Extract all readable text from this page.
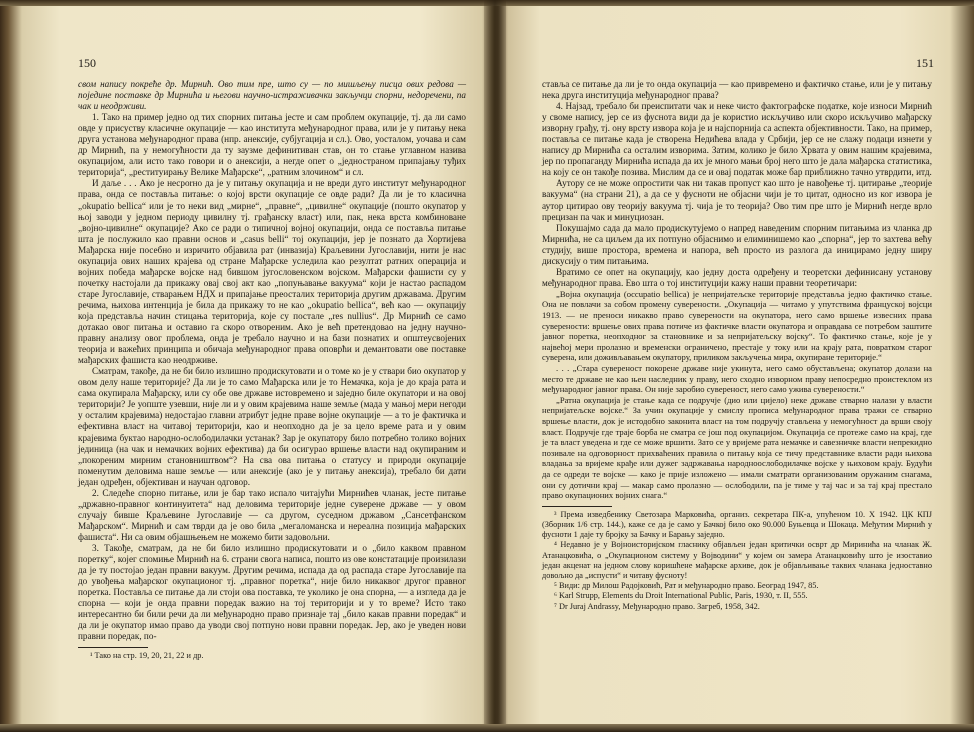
150

свом напису покреће др. Мирнић. Ово тим пре, што су — по мишљењу писца ових редова — појединe поставке др Мирнића и његови научно-истраживачки закључци спорни, недоречени, па чак и неодрживи.

1. Тако на пример једно од тих спорних питања јесте и сам проблем окупације, тј. да ли само овде у присуству класичне окупације — као института међународног права, или је у питању нека друга установа међународног права (нпр. анексије, субјугација и сл.). Ово, уосталом, уочава и сам др Мирнић, па у немогућности да ту заузме дефинитиван став, он то стање углавном назива окупацијом, али исто тако говори и о анексији, а негде опет о „једностраном припајању туђих територија“, „реституирању Велике Мађарске“, „ратним злочином“ и сл.

И даље . . . Ако је несporно да је у питању окупација и не вреди дуго институт међународног права, онда се поставља питање: о којој врсти окупације се овде ради? Да ли је то класична „okupatio bellica“ или је то неки вид „мирне“, „правне“, „цивилне“ окупације (пошто окупатор у њој заводи у једном периоду цивилну тј. грађанску власт) или, пак, нека врста комбиноване „војно-цивилне“ окупације? Ако се ради о типичној војној окупацији, онда се поставља питање шта је послужило као правни основ и „casus belli“ тој окупацији, јер је познато да Хортијева Мађарска није посебно и изричито објавила рат (инвазија) Краљевини Југославији, нити је нас окупација ових наших крајева од стране Мађарске уследила као резултат ратних операција и војних победа мађарске војске над бившом југословенском војском. Мађарски фашисти су у почетку настојали да прикажу овај свој акт као „попуњавање вакуума“ који је настао распадом старе Југославије, стварањем НДХ и припајање преосталих територија другим државама. Другим речима, њихова интенција је била да прикажу то не као „okupatio bellica“, већ као — окупацију која представља начин стицања територија, које су постале „res nullius“. Др Мирнић се само дотакао овог питања и оставио га скоро отвореним. Ако је већ претендовао на једну научно-правну анализу овог проблема, онда је требало научно и на бази познатих и општеусвојених теорија и важећих принципа и обичаја међународног права оповрћи и демантовати ове поставке мађарских фашиста као неодрживе.

Сматрам, такође, да не би било излишно продискутовати и о томе ко је у ствари био окупатор у овом делу наше територије? Да ли је то само Мађарска или је то Немачка, која је до краја рата и сама окупирала Мађарску, или су обе ове државе истовремено и заједно биле окупатори и на овој територији? Је уопште узевши, није ли и у овим крајевима наше земље (мада у мањој мери негоди у осталим крајевима) недостајао главни атрибут једне праве војне окупације — а то је фактичка и ефективна власт на читавој територији, као и неопходно да је за цело време рата и у овим крајевима буктао народно-ослободилачки устанак? Зар је окупатору било потребно толико војних јединица (на чак и немачких војних ефектива) да би осигурао вршење власти над окупираним и „покореним мирним становништвом“? На сва ова питања о статусу и природи окупације поменутим деловима наше земље — или анексије (ако је у питању анексија), требало би дати један одређен, објективан и научан одговор.

2. Следеће спорно питање, или је бар тако испало читајући Мирнићев чланак, јесте питање „државно-правног континуитета“ над деловима територије једне суверене државе — у овом случају бивше Краљевине Југославије — са другом, суседном државом „Сансетфанском Мађарском“. Мирнић и сам тврди да је ово била „мегаломанска и нереална позиција мађарских фашиста“. Ни са овим објашњењем не можемо бити задовољни.

3. Такође, сматрам, да не би било излишно продискутовати и о „било каквом правном поретку“, којег спомиње Мирнић на 6. страни свога написа, пошто из ове констатације произилази да је ту постојао један правни вакуум. Другим речима, испада да од распада старе Југославије па до увођења мађарског окупационог тј. „правног поретка“, није било никаквог другог правног поретка. Поставља се питање да ли стоји ова поставка, те уколико је она спорна, — а изгледа да је спорна — који је онда правни поредак важио на тој територији и у то време? Исто тако интересантно би били речи да ли међународно право признаје тај „било какав правни поредак“ и да ли је окупатор имао право да уводи свој потпуно нови правни поредак. Јер, ако је уведен нови правни поредак, по-

¹ Тако на стр. 19, 20, 21, 22 и др.

151

ставља се питање да ли је то онда окупација — као привремено и фактичко стање, или је у питању нека друга институција међународног права?

4. Најзад, требало би преиспитати чак и неке чисто фактографске податке, које износи Мирнић у своме напису, јер се из фуснота види да је користио искључиво или скоро искључиво мађарску изворну грађу, тј. ону врсту извора која је и најспорнија са аспекта објективности. Тако, на пример, поставља се питање када је створена Недићева влада у Србији, јер се не слажу подаци изнети у напису др Мирнића са осталим изворима. Затим, колико је било Хрвата у овим нашим крајевима, јер по пропаганду Мирнића испада да их је много мањи број него што је дала мађарска статистика, на коју се он такође позива. Мислим да се и овај податак може бар приближно тачно утврдити, итд.

Аутору се не може опростити чак ни такав пропуст као што је навођење тј. цитирање „теорије вакуума“ (на страни 21), а да се у фусноти не објасни чији је то цитат, односно из ког извора је аутор цитирао ову теорију вакуума тј. чија је то теорија? Ово тим пре што је Мирнић негде врло прецизан па чак и минуциозан.

Покушајмо сада да мало продискутујемо о напред наведеним спорним питањима из чланка др Мирнића, не са циљем да их потпуно објаснимо и елиминишемо као „спорна“, јер то захтева већу студију, више простора, времена и напора, већ просто из разлога да иницирамо једну ширу дискусију о тим питањима.

Вратимо се опет на окупацију, као једну доста одређену и теоретски дефинисану установу међународног права. Ево шта о тој институцији кажу наши правни теоретичари:

„Војна окупација (occupatio bellica) је непријатељске територије представља једно фактичко стање. Она не повлачи за собом промену суверености. „Окупација — читамо у упутствима француској војсци 1913. — не преноси никакво право суверености на окупатора, него само вршење извесних права суверености: вршење ових права потиче из фактичке власти окупатора и оправдава се потребом заштите јавног поретка, неопходног за становнике и за непријатељску војску“. То фактичко стање, које је у највећој мери прoлазно и временски ограничено, престаје у току или на крају рата, повратком старог суверена, или доживљавањем окупатору, приликом закључења мира, окупиране територије.“

. . . „Стара сувереност покорене државе није укинута, него само обустављена; окупатор долази на место те државе не као њен наследник у праву, него сходно изворном праву непосредно проистеклом из међународног јавног права. Он није заробио сувереност, него само ужива суверености.“

„Ратна окупација је стање када се подручје (дио или цијело) неке државе стварно налази у власти непријатељске војске.“ За учин окупације у смислу прописа међународног права тражи се стварно вршење власти, док је истодобно законита власт на том подручју стављена у немогућност да врши своју власт. Подручје где траје борба не сматра се још под окупацијом. Окупација се протеже само на крај, где је та власт уведена и где се може вршити. Зато се у вријеме рата немачке и савезничке власти непрекидно позивале на одговорност прихваћених правила о питању која се тичу представнике власти ради њихова владања за вријеме крађе или дужег задржавања народноослободилачке војске у њиховом крају. Будући да се одреди те војске — како је прије изложено — имали сматрати организованим оружаним снагама, они су дотични крај — макар само пролазно — ослободили, па је тиме у тај час и за тај крај престало право окупационих војних снага.“

³ Према изведбенику Светозара Марковића, организ. секретара ПК-а, упућеном 10. Х 1942. ЦК КПЈ (Зборник 1/6 стр. 144.), каже се да је само у Бачкој било око 90.000 Буњевца и Шокаца. Међутим Мирнић у фусноти 1 даје ту бројку за Бачку и Барању заједно.

⁴ Недавно је у Војноисторијском гласнику објављен један критички осврт др Миринића на чланак Ж. Атанацковића, о „Окупационом систему у Војводини“ у којем он замера Атанацковићу што је изоставио један акценат на једном слову коришћене мађарске архиве, док је објављивање таквих чланака једноставно довољно да „испусти“ и читаву фусноту!

⁵ Види: др Милош Радојковић, Рат и међународно право. Београд 1947, 85.

⁶ Karl Strupp, Elements du Droit International Public, Paris, 1930, т. II, 555.

⁷ Dr Juraj Andrassy, Међународно право. Загреб, 1958, 342.
